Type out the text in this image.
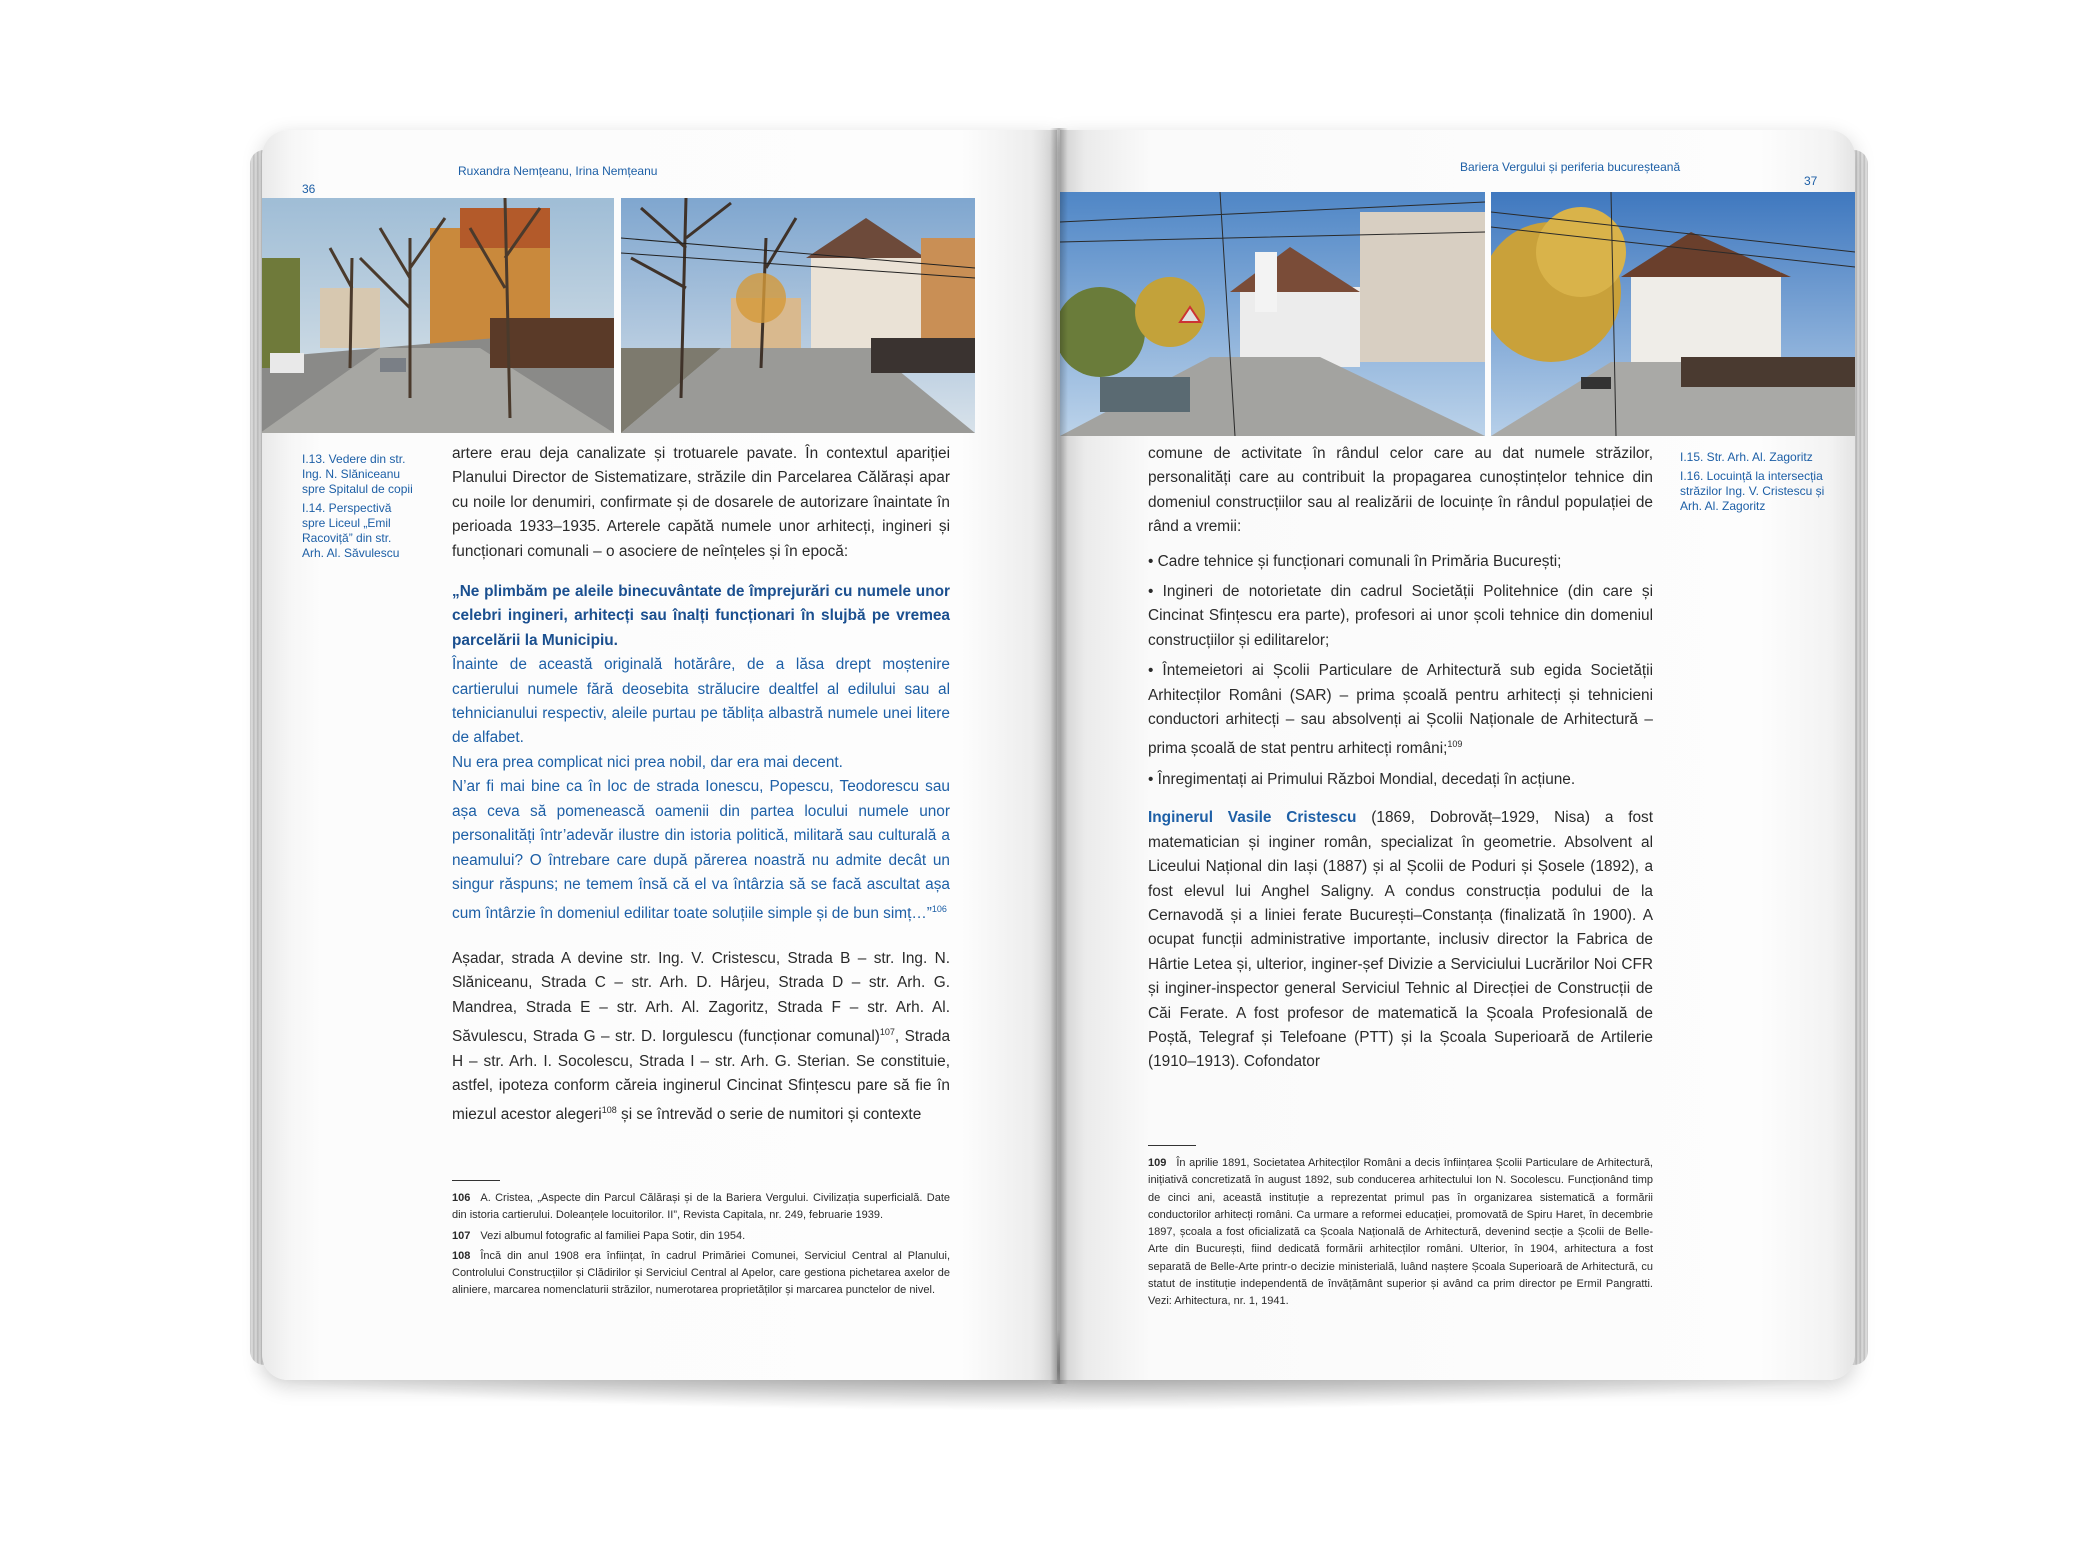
36
Ruxandra Nemțeanu, Irina Nemțeanu

I.13. Vedere din str. Ing. N. Slăniceanu spre Spitalul de copii

I.14. Perspectivă spre Liceul „Emil Racoviță” din str. Arh. Al. Săvulescu

artere erau deja canalizate și trotuarele pavate. În contextul apariției Planului Director de Sistematizare, străzile din Parcelarea Călărași apar cu noile lor denumiri, confirmate și de dosarele de autorizare înaintate în perioada 1933–1935. Arterele capătă numele unor arhitecți, ingineri și funcționari comunali – o asociere de neînțeles și în epocă:

„Ne plimbăm pe aleile binecuvântate de împrejurări cu numele unor celebri ingineri, arhitecți sau înalți funcționari în slujbă pe vremea parcelării la Municipiu.

Înainte de această originală hotărâre, de a lăsa drept moștenire cartierului numele fără deosebita strălucire dealtfel al edilului sau al tehnicianului respectiv, aleile purtau pe tăblița albastră numele unei litere de alfabet.

Nu era prea complicat nici prea nobil, dar era mai decent.

N’ar fi mai bine ca în loc de strada Ionescu, Popescu, Teodorescu sau așa ceva să pomenească oamenii din partea locului numele unor personalități într’adevăr ilustre din istoria politică, militară sau culturală a neamului? O întrebare care după părerea noastră nu admite decât un singur răspuns; ne temem însă că el va întârzia să se facă ascultat așa cum întârzie în domeniul edilitar toate soluțiile simple și de bun simț…”$^{106}$

Așadar, strada A devine str. Ing. V. Cristescu, Strada B – str. Ing. N. Slăniceanu, Strada C – str. Arh. D. Hârjeu, Strada D – str. Arh. G. Mandrea, Strada E – str. Arh. Al. Zagoritz, Strada F – str. Arh. Al. Săvulescu, Strada G – str. D. Iorgulescu (funcționar comunal)$^{107}$, Strada H – str. Arh. I. Socolescu, Strada I – str. Arh. G. Sterian. Se constituie, astfel, ipoteza conform căreia inginerul Cincinat Sfințescu pare să fie în miezul acestor alegeri$^{108}$ și se întrevăd o serie de numitori și contexte

106 A. Cristea, „Aspecte din Parcul Călărași și de la Bariera Vergului. Civilizația superficială. Date din istoria cartierului. Doleanțele locuitorilor. II”, Revista Capitala, nr. 249, februarie 1939.

107 Vezi albumul fotografic al familiei Papa Sotir, din 1954.

108 Încă din anul 1908 era înființat, în cadrul Primăriei Comunei, Serviciul Central al Planului, Controlului Construcțiilor și Clădirilor și Serviciul Central al Apelor, care gestiona pichetarea axelor de aliniere, marcarea nomenclaturii străzilor, numerotarea proprietăților și marcarea punctelor de nivel.

Bariera Vergului și periferia bucureșteană
37

comune de activitate în rândul celor care au dat numele străzilor, personalități care au contribuit la propagarea cunoștințelor tehnice din domeniul construcțiilor sau al realizării de locuințe în rândul populației de rând a vremii:

• Cadre tehnice și funcționari comunali în Primăria București;

• Ingineri de notorietate din cadrul Societății Politehnice (din care și Cincinat Sfințescu era parte), profesori ai unor școli tehnice din domeniul construcțiilor și edilitarelor;

• Întemeietori ai Școlii Particulare de Arhitectură sub egida Societății Arhitecților Români (SAR) – prima școală pentru arhitecți și tehnicieni conductori arhitecți – sau absolvenți ai Școlii Naționale de Arhitectură – prima școală de stat pentru arhitecți români;$^{109}$

• Înregimentați ai Primului Război Mondial, decedați în acțiune.

Inginerul Vasile Cristescu (1869, Dobrovăț–1929, Nisa) a fost matematician și inginer român, specializat în geometrie. Absolvent al Liceului Național din Iași (1887) și al Școlii de Poduri și Șosele (1892), a fost elevul lui Anghel Saligny. A condus construcția podului de la Cernavodă și a liniei ferate București–Constanța (finalizată în 1900). A ocupat funcții administrative importante, inclusiv director la Fabrica de Hârtie Letea și, ulterior, inginer-șef Divizie a Serviciului Lucrărilor Noi CFR și inginer-inspector general Serviciul Tehnic al Direcției de Construcții de Căi Ferate. A fost profesor de matematică la Școala Profesională de Poștă, Telegraf și Telefoane (PTT) și la Școala Superioară de Artilerie (1910–1913). Cofondator

I.15. Str. Arh. Al. Zagoritz

I.16. Locuință la intersecția străzilor Ing. V. Cristescu și Arh. Al. Zagoritz

109 În aprilie 1891, Societatea Arhitecților Români a decis înființarea Școlii Particulare de Arhitectură, inițiativă concretizată în august 1892, sub conducerea arhitectului Ion N. Socolescu. Funcționând timp de cinci ani, această instituție a reprezentat primul pas în organizarea sistematică a formării conductorilor arhitecți români. Ca urmare a reformei educației, promovată de Spiru Haret, în decembrie 1897, școala a fost oficializată ca Școala Națională de Arhitectură, devenind secție a Școlii de Belle-Arte din București, fiind dedicată formării arhitecților români. Ulterior, în 1904, arhitectura a fost separată de Belle-Arte printr-o decizie ministerială, luând naștere Școala Superioară de Arhitectură, cu statut de instituție independentă de învățământ superior și având ca prim director pe Ermil Pangratti. Vezi: Arhitectura, nr. 1, 1941.
